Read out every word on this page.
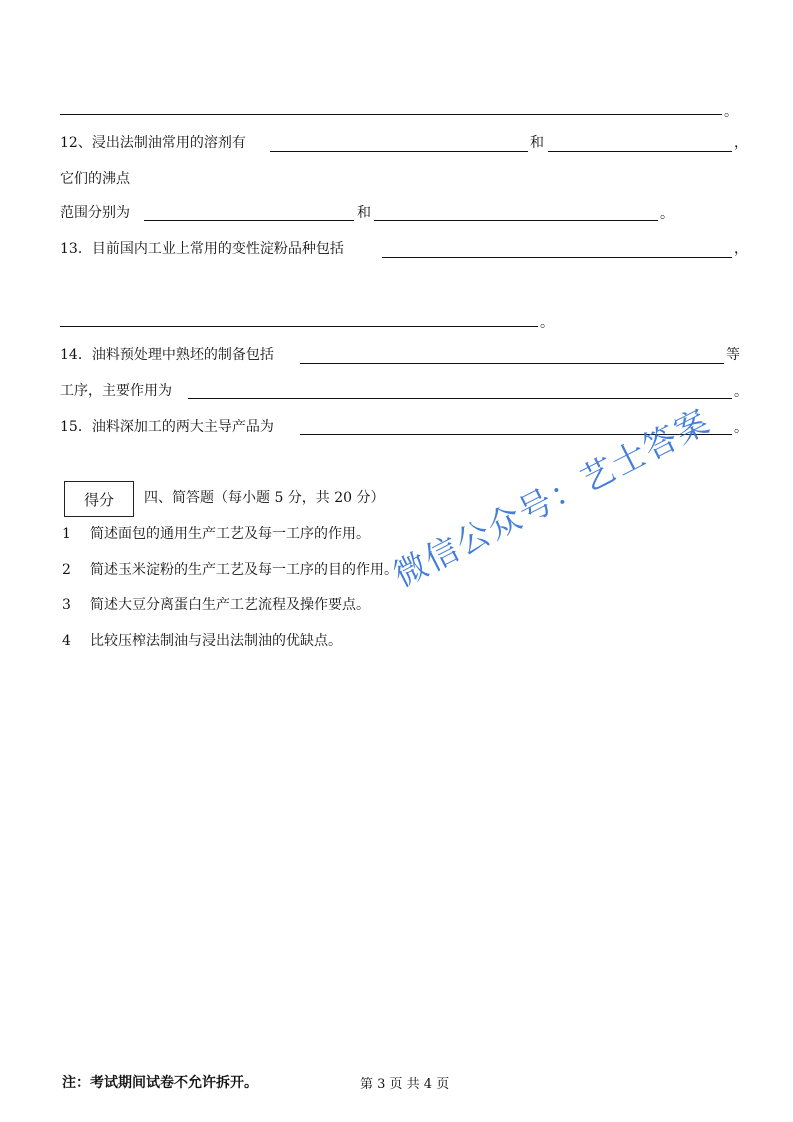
。
12、浸出法制油常用的溶剂有	和	，
它们的沸点
范围分别为	和	。
13．目前国内工业上常用的变性淀粉品种包括	，
。
14．油料预处理中熟坯的制备包括	等
工序，主要作用为	。
15．油料深加工的两大主导产品为	。
得分 四、简答题（每小题 5 分，共 20 分）
1 简述面包的通用生产工艺及每一工序的作用。
2 简述玉米淀粉的生产工艺及每一工序的目的作用。
3 简述大豆分离蛋白生产工艺流程及操作要点。
4 比较压榨法制油与浸出法制油的优缺点。
微信公众号：艺士答案
注：考试期间试卷不允许拆开。	第 3 页 共 4 页
